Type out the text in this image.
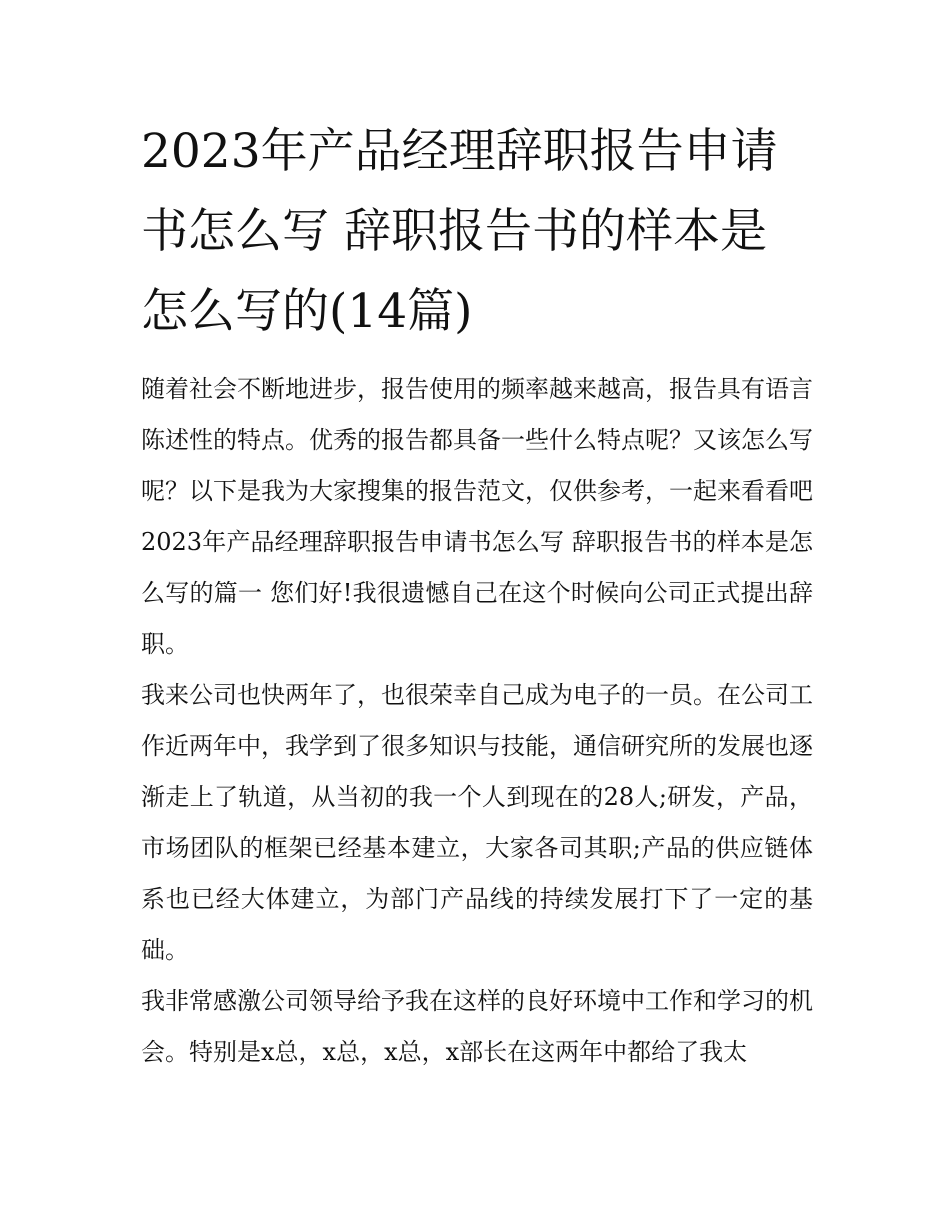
2023年产品经理辞职报告申请书怎么写 辞职报告书的样本是怎么写的(14篇)

随着社会不断地进步，报告使用的频率越来越高，报告具有语言陈述性的特点。优秀的报告都具备一些什么特点呢？又该怎么写呢？以下是我为大家搜集的报告范文，仅供参考，一起来看看吧

2023年产品经理辞职报告申请书怎么写 辞职报告书的样本是怎么写的篇一 您们好!我很遗憾自己在这个时候向公司正式提出辞职。

我来公司也快两年了，也很荣幸自己成为电子的一员。在公司工作近两年中，我学到了很多知识与技能，通信研究所的发展也逐渐走上了轨道，从当初的我一个人到现在的28人;研发，产品，市场团队的框架已经基本建立，大家各司其职;产品的供应链体系也已经大体建立，为部门产品线的持续发展打下了一定的基础。

我非常感激公司领导给予我在这样的良好环境中工作和学习的机会。特别是x总，x总，x总，x部长在这两年中都给了我太
